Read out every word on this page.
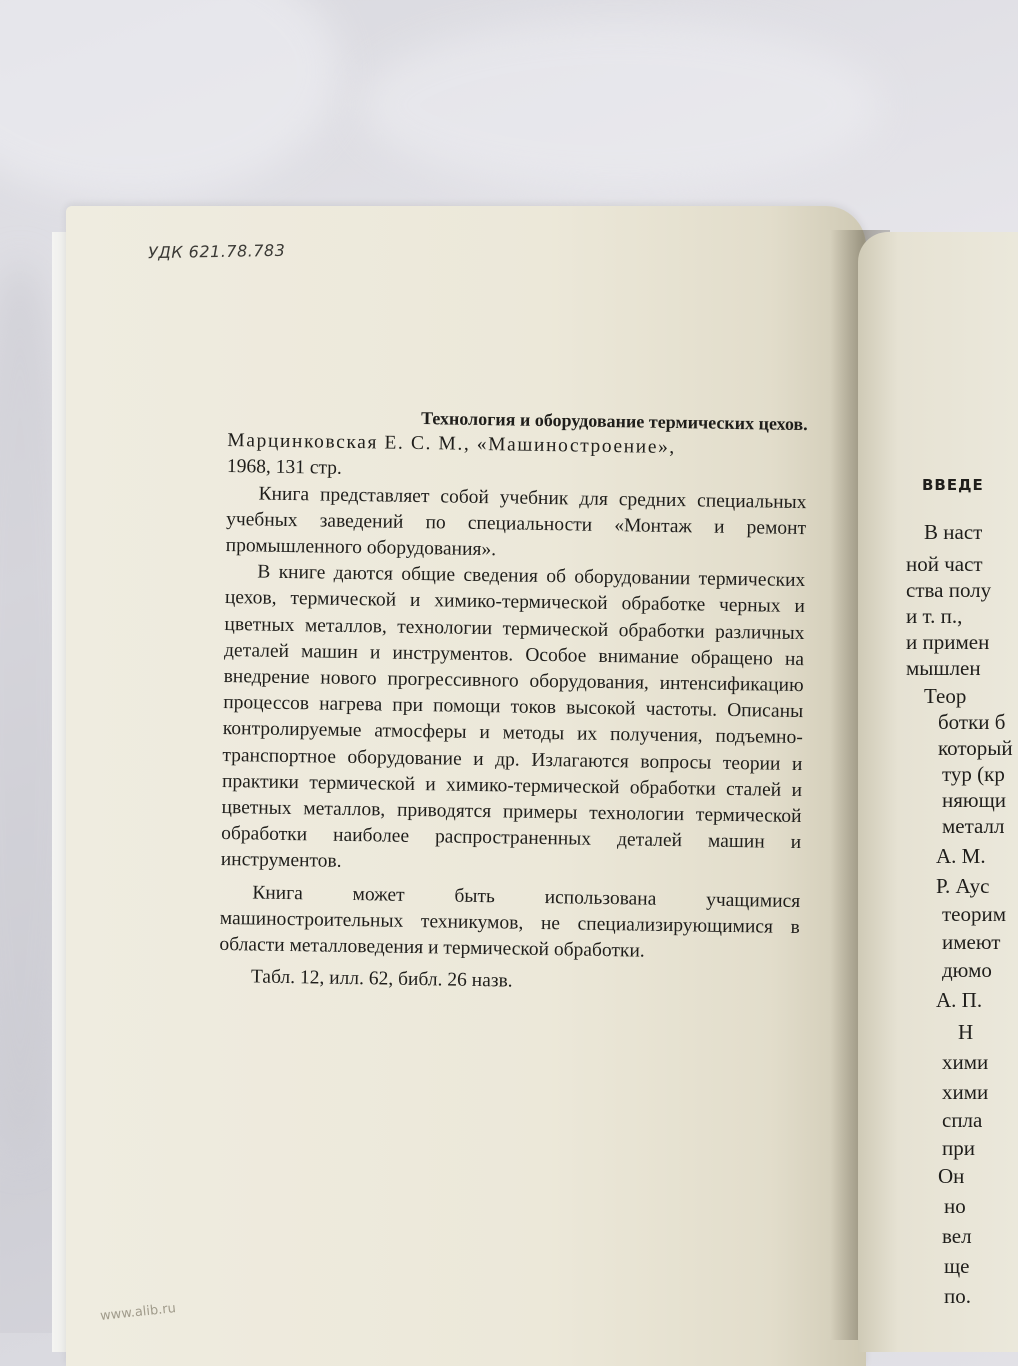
УДК 621.78.783

Технология и оборудование термических цехов.

Марцинковская Е. С. М., «Машиностроение»,

1968, 131 стр.

Книга представляет собой учебник для средних специальных учебных заведений по специальности «Монтаж и ремонт промышленного оборудования».

В книге даются общие сведения об оборудовании термических цехов, термической и химико-термической обработке черных и цветных металлов, технологии термической обработки различных деталей машин и инструментов. Особое внимание обращено на внедрение нового прогрессивного оборудования, интенсификацию процессов нагрева при помощи токов высокой частоты. Описаны контролируемые атмосферы и методы их получения, подъемно-транспортное оборудование и др. Излагаются вопросы теории и практики термической и химико-термической обработки сталей и цветных металлов, приводятся примеры технологии термической обработки наиболее распространенных деталей машин и инструментов.

Книга может быть использована учащимися машиностроительных техникумов, не специализирующимися в области металловедения и термической обработки.

Табл. 12, илл. 62, библ. 26 назв.

ВВЕДЕ
В наст
ной част
ства полу
и т. п.,
и примен
мышлен
Теор
ботки б
который
тур (кр
няющи
металл
А. М.
Р. Аус
теорим
имеют
дюмо
А. П.
Н
хими
хими
спла
при
Он
но
вел
ще
по.
www.alib.ru
